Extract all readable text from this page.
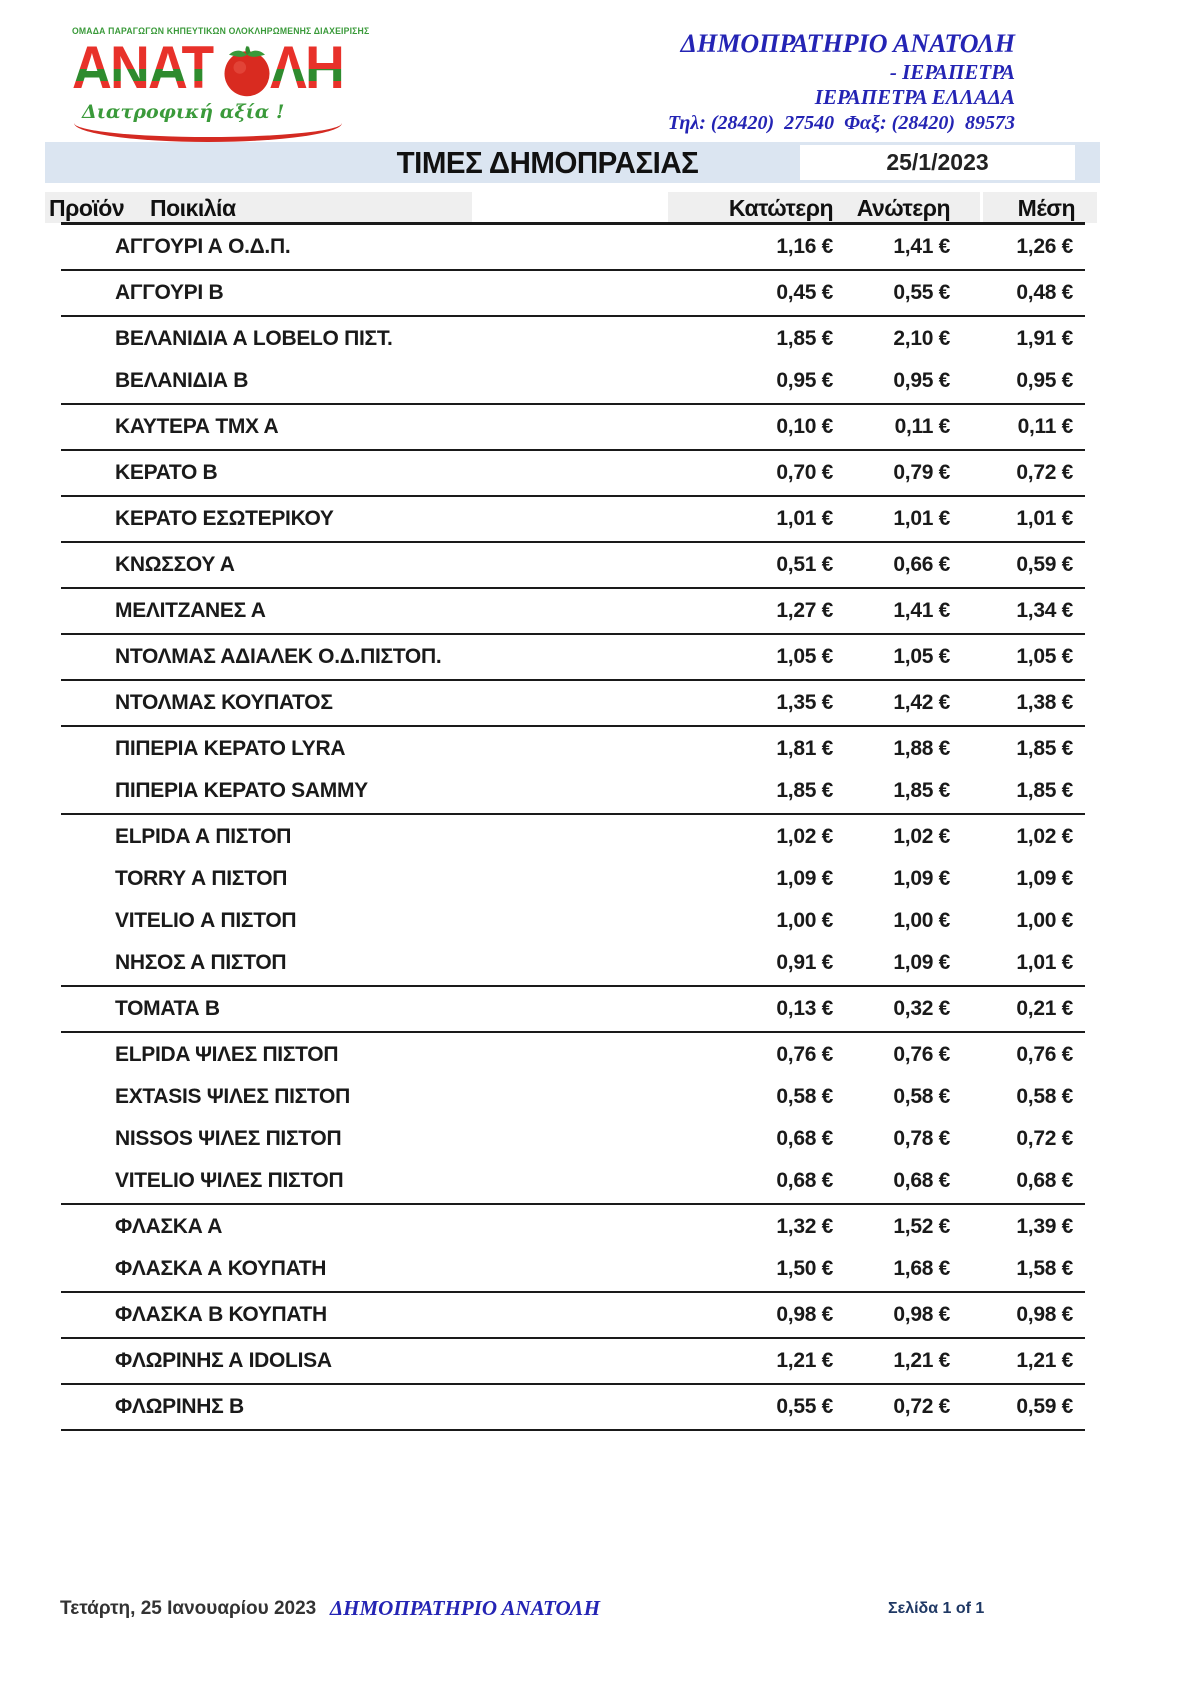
ΟΜΑΔΑ ΠΑΡΑΓΩΓΩΝ ΚΗΠΕΥΤΙΚΩΝ ΟΛΟΚΛΗΡΩΜΕΝΗΣ ΔΙΑΧΕΙΡΙΣΗΣ
ΑΝΑΤ ΛΗ
Διατροφική αξία !
ΔΗΜΟΠΡΑΤΗΡΙΟ ΑΝΑΤΟΛΗ
- ΙΕΡΑΠΕΤΡΑ
ΙΕΡΑΠΕΤΡΑ ΕΛΛΑΔΑ
Τηλ: (28420)  27540  Φαξ: (28420)  89573
ΤΙΜΕΣ ΔΗΜΟΠΡΑΣΙΑΣ	25/1/2023
Προϊόν Ποικιλία	Κατώτερη Ανώτερη	Μέση
ΑΓΓΟΥΡΙ Α Ο.Δ.Π.	1,16 €	1,41 €	1,26 €
ΑΓΓΟΥΡΙ Β	0,45 €	0,55 €	0,48 €
ΒΕΛΑΝΙΔΙΑ Α LOBELO ΠΙΣΤ.	1,85 €	2,10 €	1,91 €
ΒΕΛΑΝΙΔΙΑ Β	0,95 €	0,95 €	0,95 €
ΚΑΥΤΕΡΑ ΤΜΧ Α	0,10 €	0,11 €	0,11 €
ΚΕΡΑΤΟ Β	0,70 €	0,79 €	0,72 €
ΚΕΡΑΤΟ ΕΣΩΤΕΡΙΚΟΥ	1,01 €	1,01 €	1,01 €
ΚΝΩΣΣΟΥ Α	0,51 €	0,66 €	0,59 €
ΜΕΛΙΤΖΑΝΕΣ Α	1,27 €	1,41 €	1,34 €
ΝΤΟΛΜΑΣ ΑΔΙΑΛΕΚ Ο.Δ.ΠΙΣΤΟΠ.	1,05 €	1,05 €	1,05 €
ΝΤΟΛΜΑΣ ΚΟΥΠΑΤΟΣ	1,35 €	1,42 €	1,38 €
ΠΙΠΕΡΙΑ ΚΕΡΑΤΟ LYRA	1,81 €	1,88 €	1,85 €
ΠΙΠΕΡΙΑ ΚΕΡΑΤΟ SAMMY	1,85 €	1,85 €	1,85 €
ELPIDA Α ΠΙΣΤΟΠ	1,02 €	1,02 €	1,02 €
TORRY Α ΠΙΣΤΟΠ	1,09 €	1,09 €	1,09 €
VITELIO Α ΠΙΣΤΟΠ	1,00 €	1,00 €	1,00 €
ΝΗΣΟΣ Α ΠΙΣΤΟΠ	0,91 €	1,09 €	1,01 €
ΤΟΜΑΤΑ Β	0,13 €	0,32 €	0,21 €
ELPIDA ΨΙΛΕΣ ΠΙΣΤΟΠ	0,76 €	0,76 €	0,76 €
EXTASIS ΨΙΛΕΣ ΠΙΣΤΟΠ	0,58 €	0,58 €	0,58 €
NISSOS ΨΙΛΕΣ ΠΙΣΤΟΠ	0,68 €	0,78 €	0,72 €
VITELIO ΨΙΛΕΣ ΠΙΣΤΟΠ	0,68 €	0,68 €	0,68 €
ΦΛΑΣΚΑ Α	1,32 €	1,52 €	1,39 €
ΦΛΑΣΚΑ Α ΚΟΥΠΑΤΗ	1,50 €	1,68 €	1,58 €
ΦΛΑΣΚΑ Β ΚΟΥΠΑΤΗ	0,98 €	0,98 €	0,98 €
ΦΛΩΡΙΝΗΣ Α IDOLISA	1,21 €	1,21 €	1,21 €
ΦΛΩΡΙΝΗΣ Β	0,55 €	0,72 €	0,59 €
Τετάρτη, 25 Ιανουαρίου 2023 ΔΗΜΟΠΡΑΤΗΡΙΟ ΑΝΑΤΟΛΗ	Σελίδα 1 of 1
